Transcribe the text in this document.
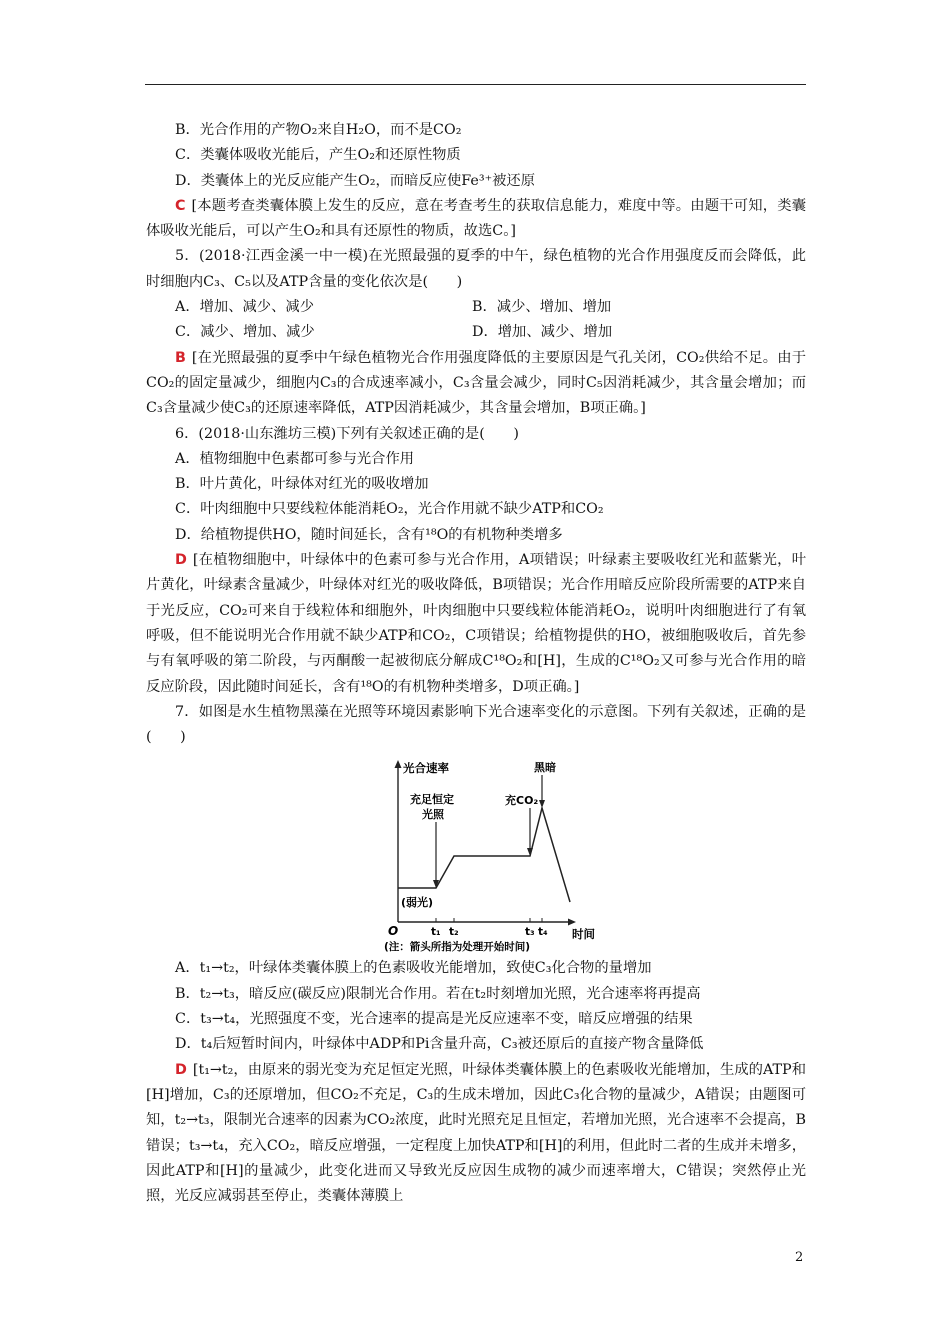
B．光合作用的产物O₂来自H₂O，而不是CO₂

C．类囊体吸收光能后，产生O₂和还原性物质

D．类囊体上的光反应能产生O₂，而暗反应使Fe³⁺被还原

C [本题考查类囊体膜上发生的反应，意在考查考生的获取信息能力，难度中等。由题干可知，类囊体吸收光能后，可以产生O₂和具有还原性的物质，故选C。]

5．(2018·江西金溪一中一模)在光照最强的夏季的中午，绿色植物的光合作用强度反而会降低，此时细胞内C₃、C₅以及ATP含量的变化依次是(　　)

A．增加、减少、减少	B．减少、增加、增加
C．减少、增加、减少	D．增加、减少、增加

B [在光照最强的夏季中午绿色植物光合作用强度降低的主要原因是气孔关闭，CO₂供给不足。由于CO₂的固定量减少，细胞内C₃的合成速率减小，C₃含量会减少，同时C₅因消耗减少，其含量会增加；而C₃含量减少使C₃的还原速率降低，ATP因消耗减少，其含量会增加，B项正确。]

6．(2018·山东潍坊三模)下列有关叙述正确的是(　　)

A．植物细胞中色素都可参与光合作用

B．叶片黄化，叶绿体对红光的吸收增加

C．叶肉细胞中只要线粒体能消耗O₂，光合作用就不缺少ATP和CO₂

D．给植物提供HO，随时间延长，含有¹⁸O的有机物种类增多

D [在植物细胞中，叶绿体中的色素可参与光合作用，A项错误；叶绿素主要吸收红光和蓝紫光，叶片黄化，叶绿素含量减少，叶绿体对红光的吸收降低，B项错误；光合作用暗反应阶段所需要的ATP来自于光反应，CO₂可来自于线粒体和细胞外，叶肉细胞中只要线粒体能消耗O₂，说明叶肉细胞进行了有氧呼吸，但不能说明光合作用就不缺少ATP和CO₂，C项错误；给植物提供的HO，被细胞吸收后，首先参与有氧呼吸的第二阶段，与丙酮酸一起被彻底分解成C¹⁸O₂和[H]，生成的C¹⁸O₂又可参与光合作用的暗反应阶段，因此随时间延长，含有¹⁸O的有机物种类增多，D项正确。]

7．如图是水生植物黑藻在光照等环境因素影响下光合速率变化的示意图。下列有关叙述，正确的是(　　)

光合速率
时间
O
(弱光)
充足恒定
光照
充CO₂
黑暗
t₁ t₂	t₃ t₄
(注：箭头所指为处理开始时间)

A．t₁→t₂，叶绿体类囊体膜上的色素吸收光能增加，致使C₃化合物的量增加

B．t₂→t₃，暗反应(碳反应)限制光合作用。若在t₂时刻增加光照，光合速率将再提高

C．t₃→t₄，光照强度不变，光合速率的提高是光反应速率不变，暗反应增强的结果

D．t₄后短暂时间内，叶绿体中ADP和Pi含量升高，C₃被还原后的直接产物含量降低

D [t₁→t₂，由原来的弱光变为充足恒定光照，叶绿体类囊体膜上的色素吸收光能增加，生成的ATP和[H]增加，C₃的还原增加，但CO₂不充足，C₃的生成未增加，因此C₃化合物的量减少，A错误；由题图可知，t₂→t₃，限制光合速率的因素为CO₂浓度，此时光照充足且恒定，若增加光照，光合速率不会提高，B错误；t₃→t₄，充入CO₂，暗反应增强，一定程度上加快ATP和[H]的利用，但此时二者的生成并未增多，因此ATP和[H]的量减少，此变化进而又导致光反应因生成物的减少而速率增大，C错误；突然停止光照，光反应减弱甚至停止，类囊体薄膜上

2
